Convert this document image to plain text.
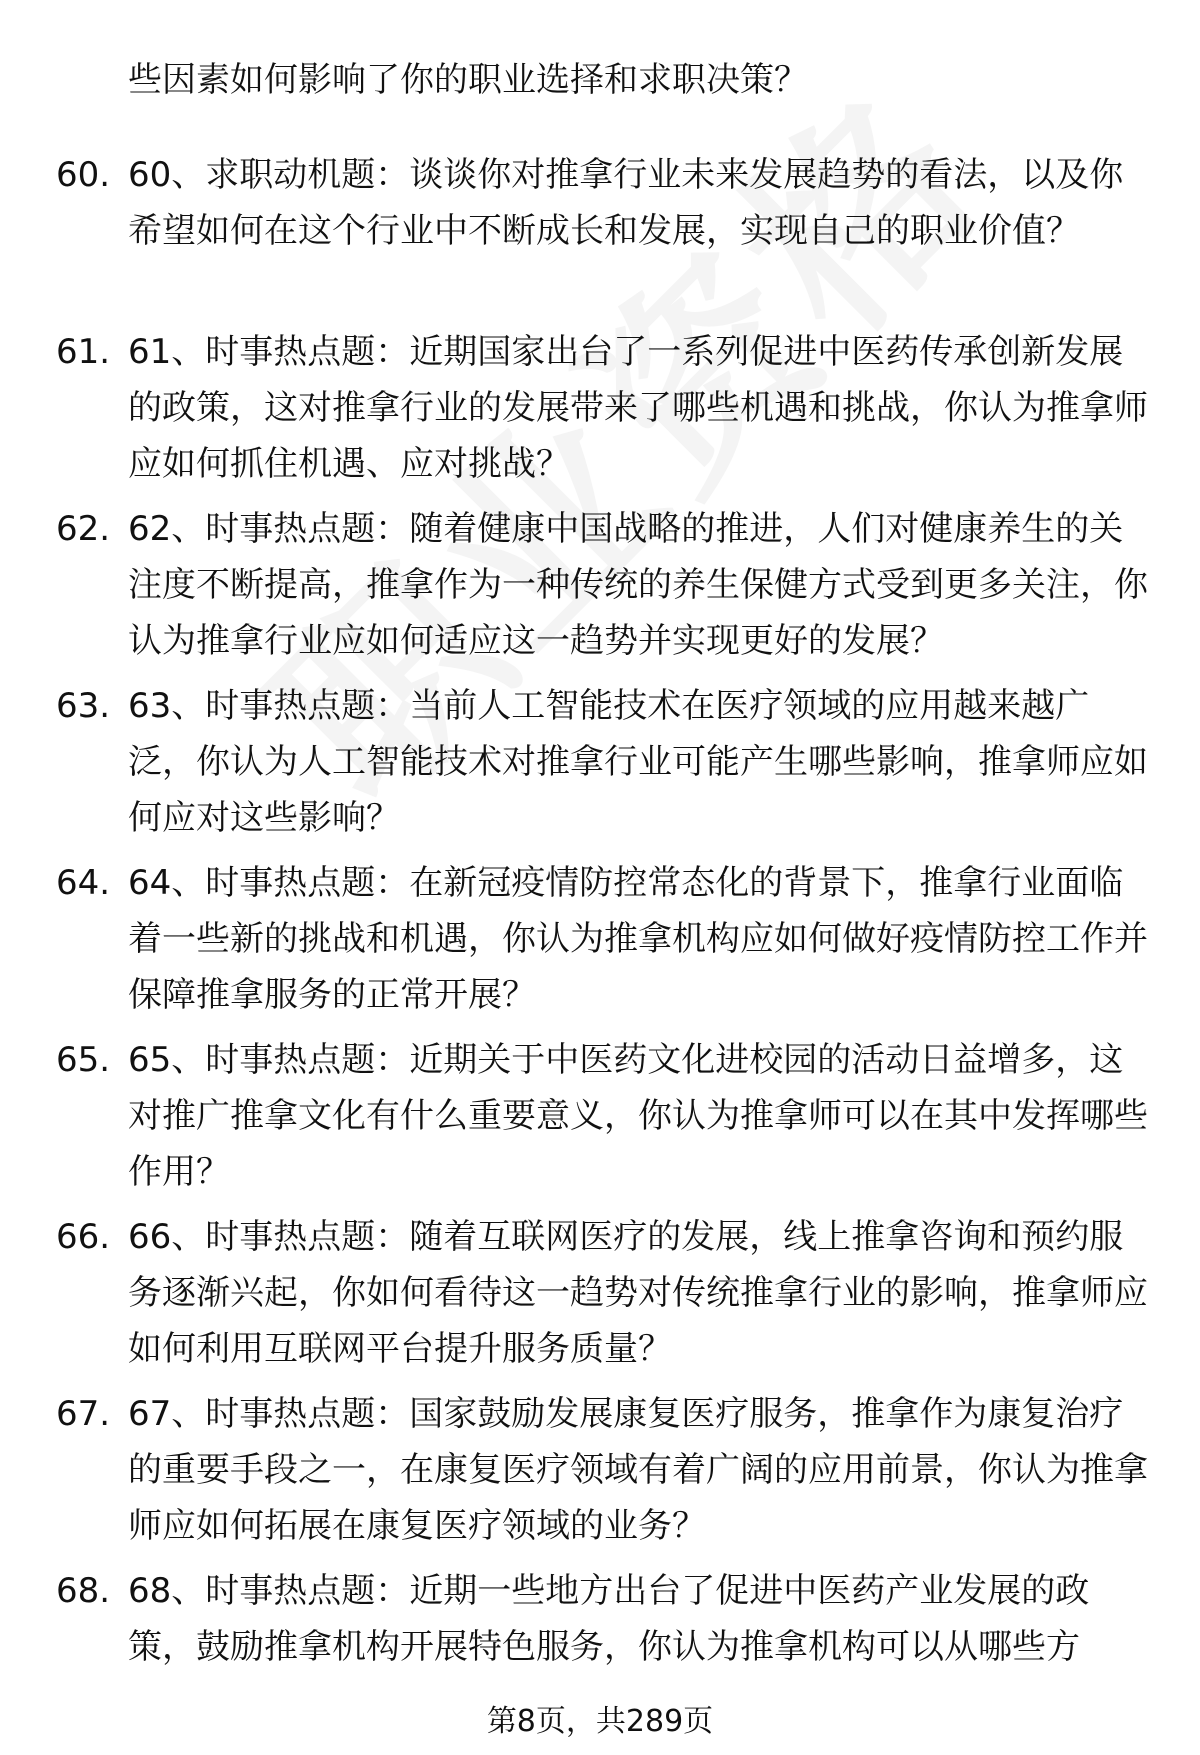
些因素如何影响了你的职业选择和求职决策？
60. 60、求职动机题：谈谈你对推拿行业未来发展趋势的看法，以及你希望如何在这个行业中不断成长和发展，实现自己的职业价值？
61. 61、时事热点题：近期国家出台了一系列促进中医药传承创新发展的政策，这对推拿行业的发展带来了哪些机遇和挑战，你认为推拿师应如何抓住机遇、应对挑战？
62. 62、时事热点题：随着健康中国战略的推进，人们对健康养生的关注度不断提高，推拿作为一种传统的养生保健方式受到更多关注，你认为推拿行业应如何适应这一趋势并实现更好的发展？
63. 63、时事热点题：当前人工智能技术在医疗领域的应用越来越广泛，你认为人工智能技术对推拿行业可能产生哪些影响，推拿师应如何应对这些影响？
64. 64、时事热点题：在新冠疫情防控常态化的背景下，推拿行业面临着一些新的挑战和机遇，你认为推拿机构应如何做好疫情防控工作并保障推拿服务的正常开展？
65. 65、时事热点题：近期关于中医药文化进校园的活动日益增多，这对推广推拿文化有什么重要意义，你认为推拿师可以在其中发挥哪些作用？
66. 66、时事热点题：随着互联网医疗的发展，线上推拿咨询和预约服务逐渐兴起，你如何看待这一趋势对传统推拿行业的影响，推拿师应如何利用互联网平台提升服务质量？
67. 67、时事热点题：国家鼓励发展康复医疗服务，推拿作为康复治疗的重要手段之一，在康复医疗领域有着广阔的应用前景，你认为推拿师应如何拓展在康复医疗领域的业务？
68. 68、时事热点题：近期一些地方出台了促进中医药产业发展的政策，鼓励推拿机构开展特色服务，你认为推拿机构可以从哪些方
第8页，共289页
